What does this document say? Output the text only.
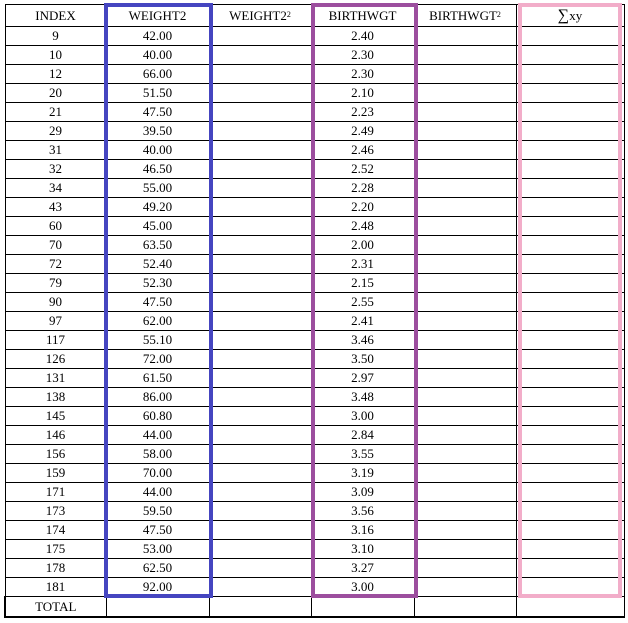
INDEX	WEIGHT2	$WEIGHT2^2$	BIRTHWGT	BIRTHWGT$^2$	∑xy
9	42.00		2.40		
10	40.00		2.30		
12	66.00		2.30		
20	51.50		2.10		
21	47.50		2.23		
29	39.50		2.49		
31	40.00		2.46		
32	46.50		2.52		
34	55.00		2.28		
43	49.20		2.20		
60	45.00		2.48		
70	63.50		2.00		
72	52.40		2.31		
79	52.30		2.15		
90	47.50		2.55		
97	62.00		2.41		
117	55.10		3.46		
126	72.00		3.50		
131	61.50		2.97		
138	86.00		3.48		
145	60.80		3.00		
146	44.00		2.84		
156	58.00		3.55		
159	70.00		3.19		
171	44.00		3.09		
173	59.50		3.56		
174	47.50		3.16		
175	53.00		3.10		
178	62.50		3.27		
181	92.00		3.00		
TOTAL					
